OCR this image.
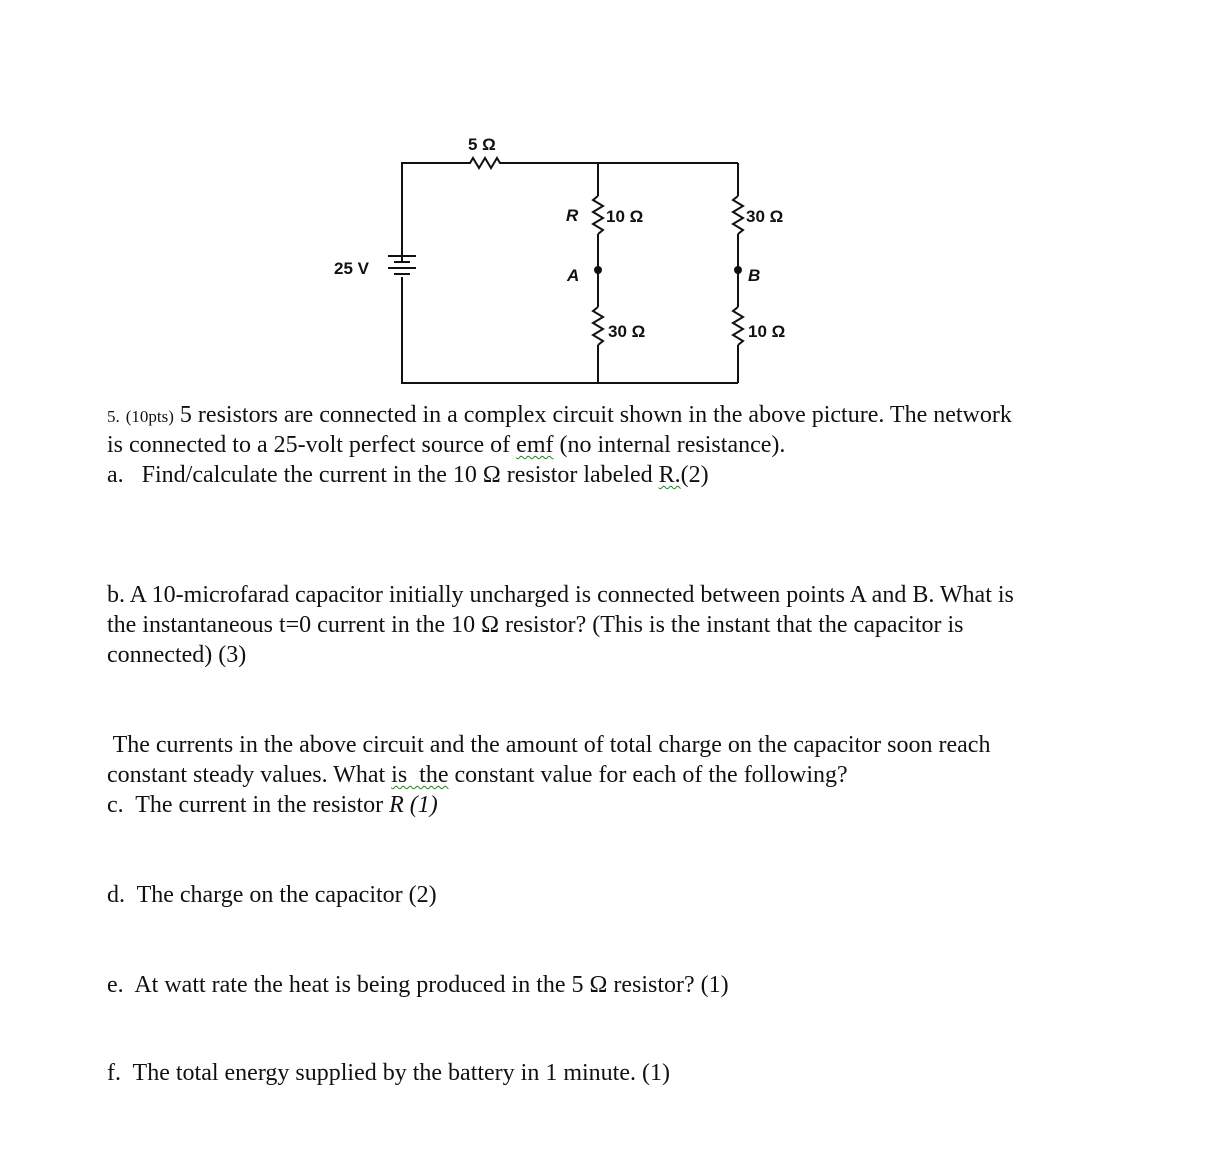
5 Ω
25 V
R 10 Ω	30 Ω
A	B
30 Ω	10 Ω
5. (10pts) 5 resistors are connected in a complex circuit shown in the above picture. The network
is connected to a 25-volt perfect source of emf (no internal resistance).
a. Find/calculate the current in the 10 Ω resistor labeled R.(2)
b. A 10-microfarad capacitor initially uncharged is connected between points A and B. What is
the instantaneous t=0 current in the 10 Ω resistor? (This is the instant that the capacitor is
connected) (3)
The currents in the above circuit and the amount of total charge on the capacitor soon reach
constant steady values. What is  the constant value for each of the following?
c.  The current in the resistor R (1)
d.  The charge on the capacitor (2)
e.  At watt rate the heat is being produced in the 5 Ω resistor? (1)
f.  The total energy supplied by the battery in 1 minute. (1)
